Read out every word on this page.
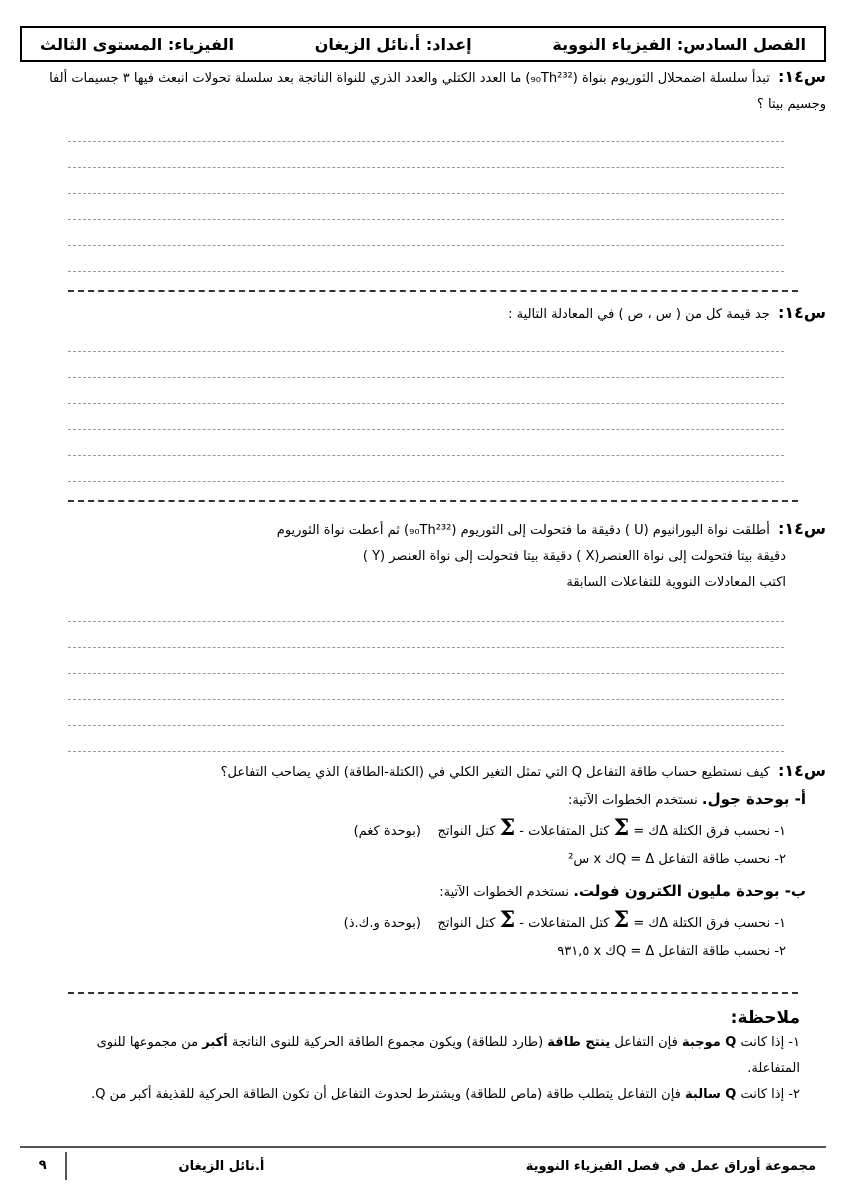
الفصل السادس: الفيزياء النووية
إعداد: أ.نائل الزيغان
الفيزياء: المستوى الثالث
س١٤: تبدأ سلسلة اضمحلال الثوريوم بنواة (₉₀Th²³²) ما العدد الكتلي والعدد الذري للنواة الناتجة بعد سلسلة تحولات انبعث فيها ٣ جسيمات ألفا وجسيم بيتا ؟
س١٤: جد قيمة كل من ( س ، ص ) في المعادلة التالية :
س١٤: أطلقت نواة اليورانيوم (U ) دقيقة ما فتحولت إلى الثوريوم (₉₀Th²³²) ثم أعطت نواة الثوريوم
دقيقة بيتا فتحولت إلى نواة االعنصر(X ) دقيقة بيتا فتحولت إلى نواة العنصر (Y )
اكتب المعادلات النووية للتفاعلات السابقة
س١٤: كيف نستطيع حساب طاقة التفاعل Q التي تمثل التغير الكلي في (الكتلة-الطاقة) الذي يصاحب التفاعل؟
أ- بوحدة جول. نستخدم الخطوات الآتية:
١- نحسب فرق الكتلة Δك = Σ كتل المتفاعلات - Σ كتل النواتج    (بوحدة كغم)
٢- نحسب طاقة التفاعل Q = Δك x س²
ب- بوحدة مليون الكترون فولت. نستخدم الخطوات الآتية:
١- نحسب فرق الكتلة Δك = Σ كتل المتفاعلات - Σ كتل النواتج    (بوحدة و.ك.ذ)
٢- نحسب طاقة التفاعل Q = Δك x ٩٣١,٥
ملاحظة:
١- إذا كانت Q موجبة فإن التفاعل ينتج طاقة (طارد للطاقة) ويكون مجموع الطاقة الحركية للنوى الناتجة أكبر من مجموعها للنوى المتفاعلة.
٢- إذا كانت Q سالبة فإن التفاعل يتطلب طاقة (ماص للطاقة) ويشترط لحدوث التفاعل أن تكون الطاقة الحركية للقذيفة أكبر من Q.
مجموعة أوراق عمل في فصل الفيزياء النووية
أ.نائل الزيغان
٩
